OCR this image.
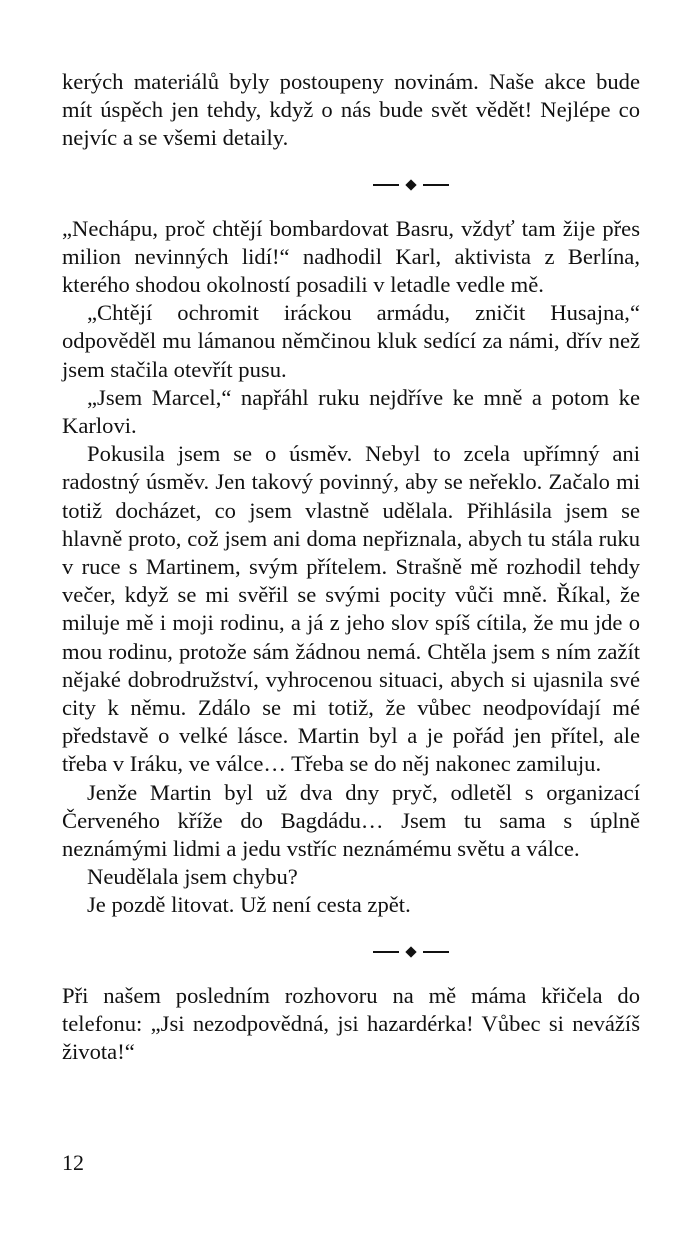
kerých materiálů byly postoupeny novinám. Naše akce bude mít úspěch jen tehdy, když o nás bude svět vědět! Nejlépe co nejvíc a se všemi detaily.

„Nechápu, proč chtějí bombardovat Basru, vždyť tam žije přes milion nevinných lidí!“ nadhodil Karl, aktivista z Berlína, kterého shodou okolností posadili v letadle vedle mě.

„Chtějí ochromit iráckou armádu, zničit Husajna,“ odpověděl mu lámanou němčinou kluk sedící za námi, dřív než jsem stačila otevřít pusu.

„Jsem Marcel,“ napřáhl ruku nejdříve ke mně a potom ke Karlovi.

Pokusila jsem se o úsměv. Nebyl to zcela upřímný ani radostný úsměv. Jen takový povinný, aby se neřeklo. Začalo mi totiž docházet, co jsem vlastně udělala. Přihlásila jsem se hlavně proto, což jsem ani doma nepřiznala, abych tu stála ruku v ruce s Martinem, svým přítelem. Strašně mě rozhodil tehdy večer, když se mi svěřil se svými pocity vůči mně. Říkal, že miluje mě i moji rodinu, a já z jeho slov spíš cítila, že mu jde o mou rodinu, protože sám žádnou nemá. Chtěla jsem s ním zažít nějaké dobrodružství, vyhrocenou situaci, abych si ujasnila své city k němu. Zdálo se mi totiž, že vůbec neodpovídají mé představě o velké lásce. Martin byl a je pořád jen přítel, ale třeba v Iráku, ve válce… Třeba se do něj nakonec zamiluju.

Jenže Martin byl už dva dny pryč, odletěl s organizací Červeného kříže do Bagdádu… Jsem tu sama s úplně neznámými lidmi a jedu vstříc neznámému světu a válce.

Neudělala jsem chybu?

Je pozdě litovat. Už není cesta zpět.

Při našem posledním rozhovoru na mě máma křičela do telefonu: „Jsi nezodpovědná, jsi hazardérka! Vůbec si nevážíš života!“

12
